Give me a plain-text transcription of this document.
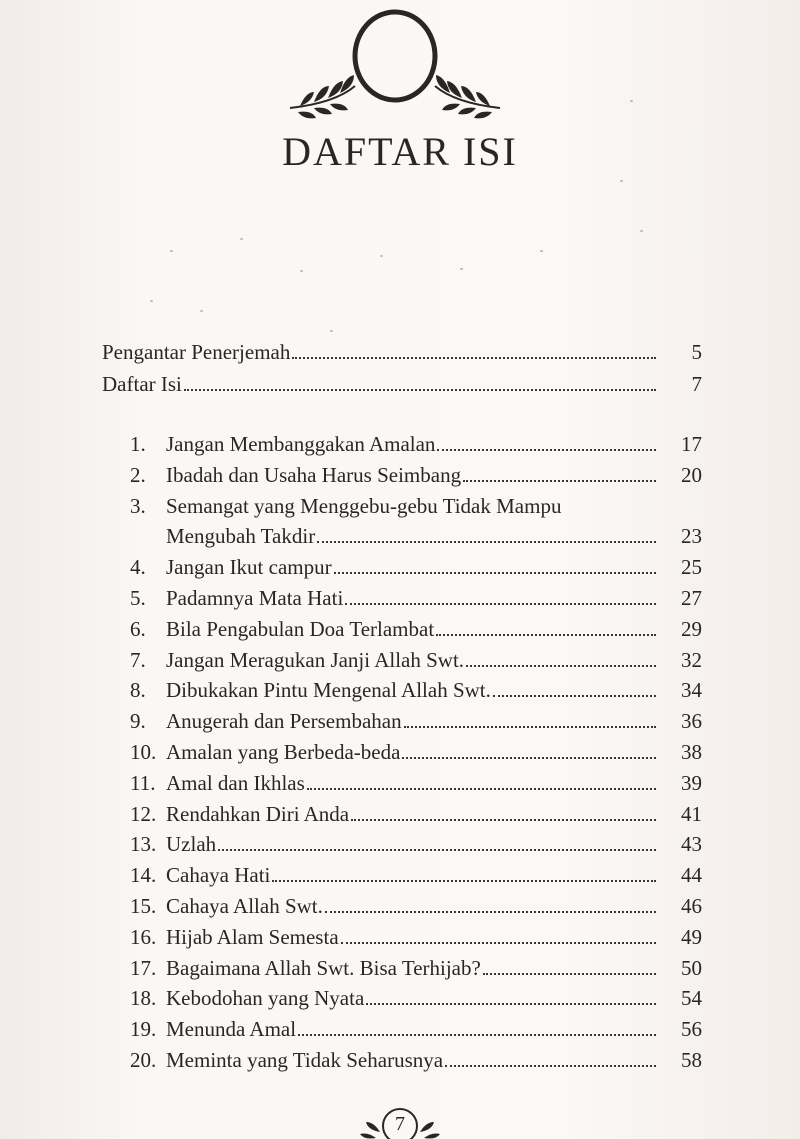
DAFTAR ISI
Pengantar Penerjemah	5
Daftar Isi	7
1. Jangan Membanggakan Amalan	17
2. Ibadah dan Usaha Harus Seimbang	20
3. Semangat yang Menggebu-gebu Tidak Mampu
Mengubah Takdir	23
4. Jangan Ikut campur	25
5. Padamnya Mata Hati	27
6. Bila Pengabulan Doa Terlambat	29
7. Jangan Meragukan Janji Allah Swt.	32
8. Dibukakan Pintu Mengenal Allah Swt.	34
9. Anugerah dan Persembahan	36
10. Amalan yang Berbeda-beda	38
11. Amal dan Ikhlas	39
12. Rendahkan Diri Anda	41
13. Uzlah	43
14. Cahaya Hati	44
15. Cahaya Allah Swt.	46
16. Hijab Alam Semesta	49
17. Bagaimana Allah Swt. Bisa Terhijab?	50
18. Kebodohan yang Nyata	54
19. Menunda Amal	56
20. Meminta yang Tidak Seharusnya	58
7
